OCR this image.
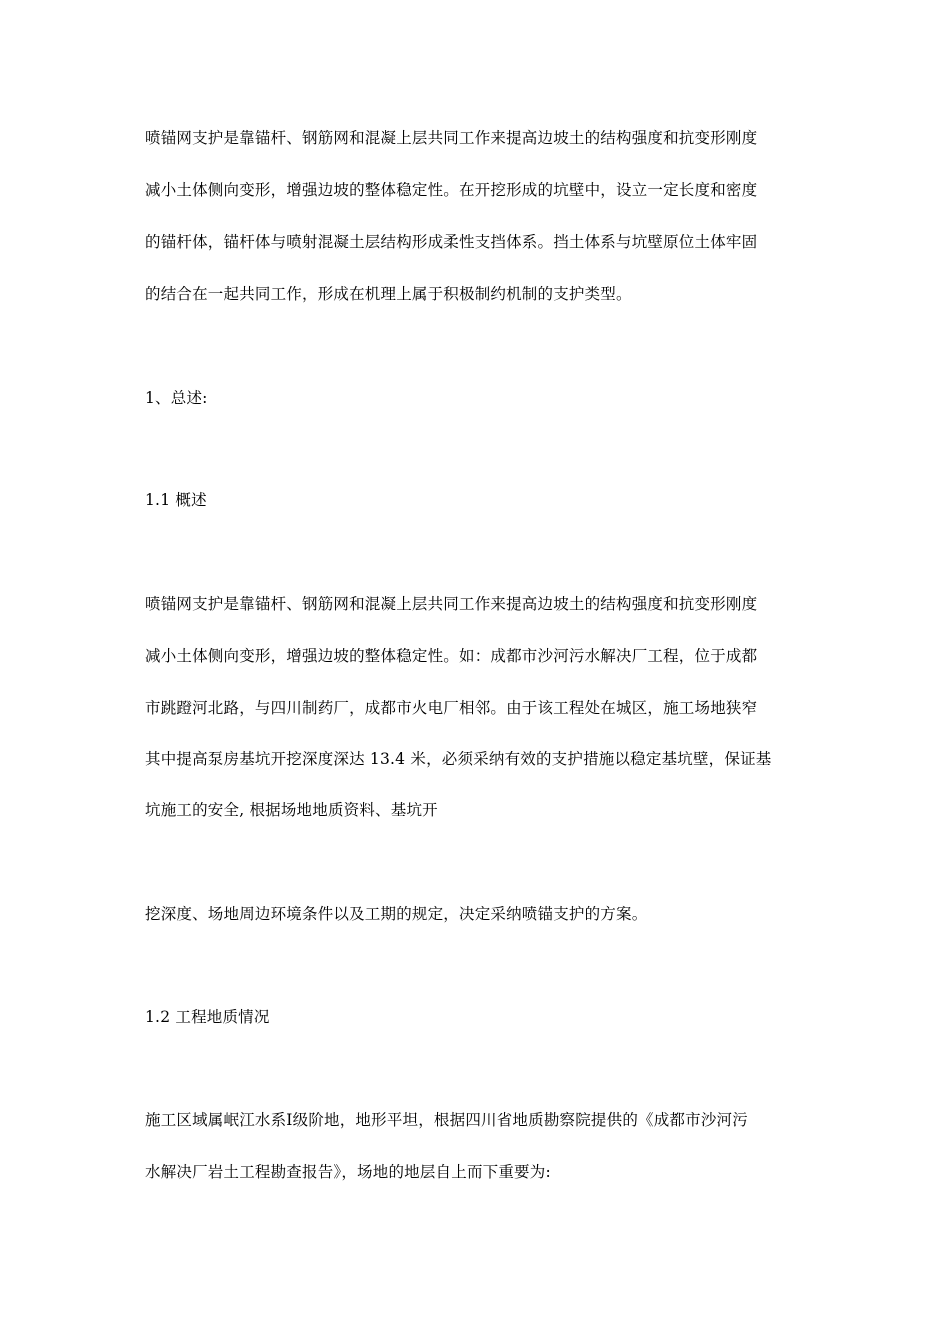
喷锚网支护是靠锚杆、钢筋网和混凝上层共同工作来提高边坡土的结构强度和抗变形刚度
减小土体侧向变形，增强边坡的整体稳定性。在开挖形成的坑壁中，设立一定长度和密度
的锚杆体，锚杆体与喷射混凝土层结构形成柔性支挡体系。挡土体系与坑壁原位土体牢固
的结合在一起共同工作，形成在机理上属于积极制约机制的支护类型。
1、总述:
1.1 概述
喷锚网支护是靠锚杆、钢筋网和混凝上层共同工作来提高边坡土的结构强度和抗变形刚度
减小土体侧向变形，增强边坡的整体稳定性。如：成都市沙河污水解决厂工程，位于成都
市跳蹬河北路，与四川制药厂，成都市火电厂相邻。由于该工程处在城区，施工场地狭窄
其中提高泵房基坑开挖深度深达 13.4 米，必须采纳有效的支护措施以稳定基坑壁，保证基
坑施工的安全, 根据场地地质资料、基坑开
挖深度、场地周边环境条件以及工期的规定，决定采纳喷锚支护的方案。
1.2 工程地质情况
施工区域属岷江水系Ⅰ级阶地，地形平坦，根据四川省地质勘察院提供的《成都市沙河污
水解决厂岩土工程勘查报告》，场地的地层自上而下重要为:
